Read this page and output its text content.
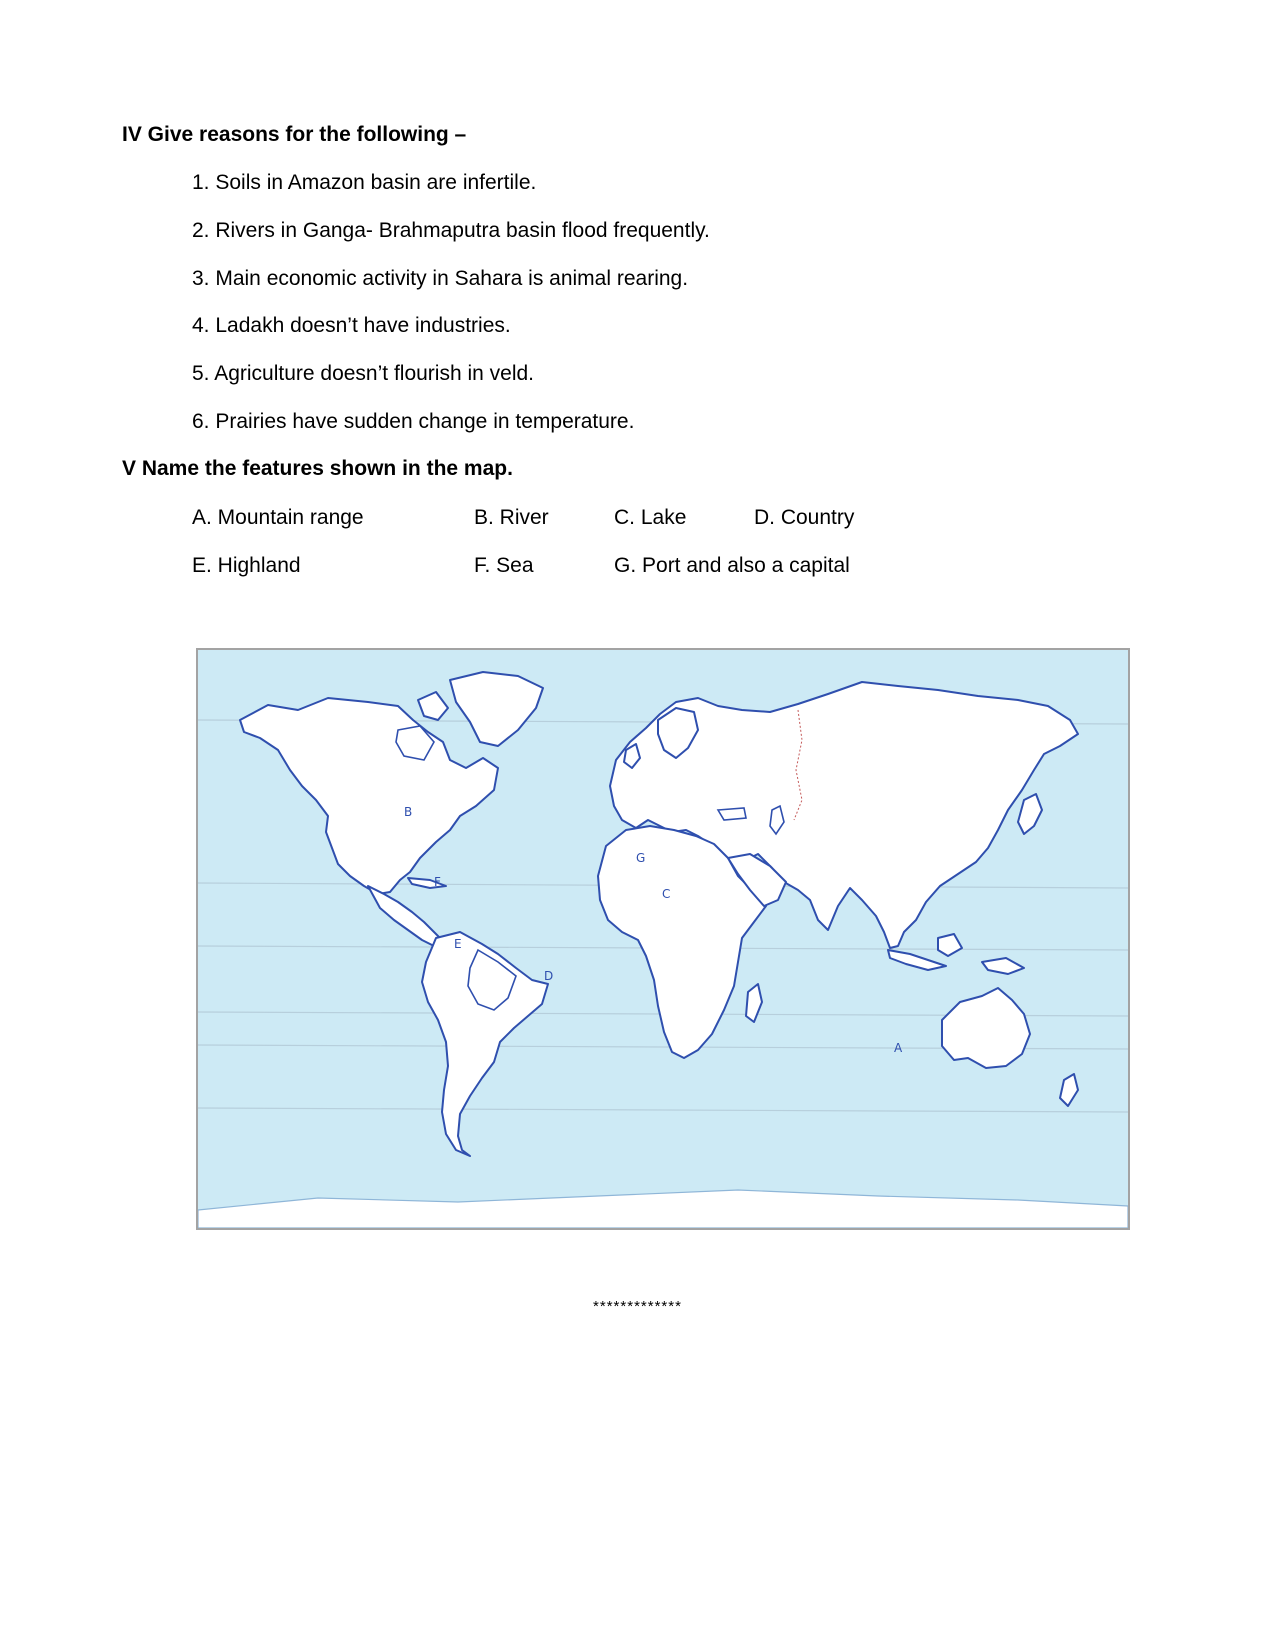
IV Give reasons for the following –

1. Soils in Amazon basin are infertile.

2. Rivers in Ganga- Brahmaputra basin flood frequently.

3. Main economic activity in Sahara is animal rearing.

4. Ladakh doesn’t have industries.

5. Agriculture doesn’t flourish in veld.

6. Prairies have sudden change in temperature.

V Name the features shown in the map.

A. Mountain range	B. River	C. Lake	D. Country

E. Highland	F. Sea	G. Port and also a capital

A
B
C
D
E
F
G
*************
